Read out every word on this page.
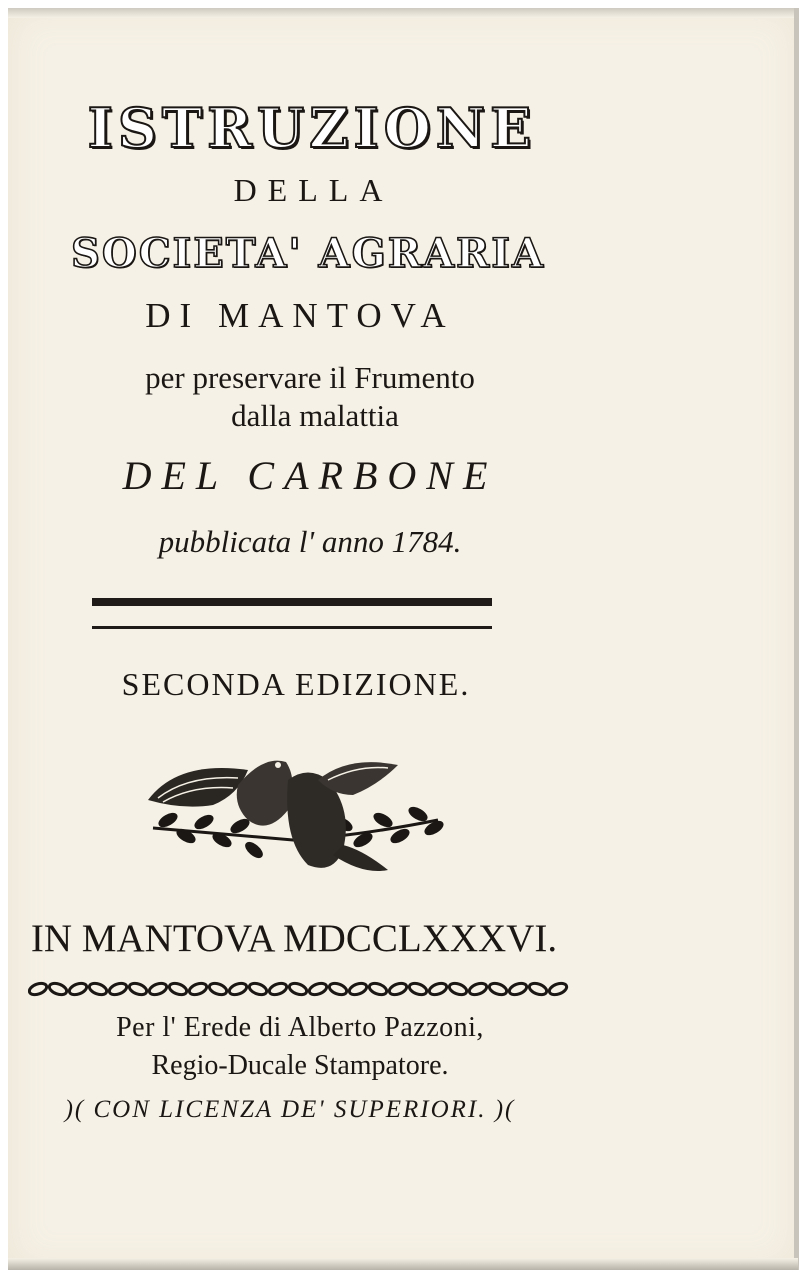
ISTRUZIONE
DELLA
SOCIETA' AGRARIA
DI MANTOVA
per preservare il Frumento
dalla malattia
DEL CARBONE
pubblicata l' anno 1784.
SECONDA EDIZIONE.
IN MANTOVA MDCCLXXXVI.
Per l' Erede di Alberto Pazzoni,
Regio-Ducale Stampatore.
)( CON LICENZA DE' SUPERIORI. )(
